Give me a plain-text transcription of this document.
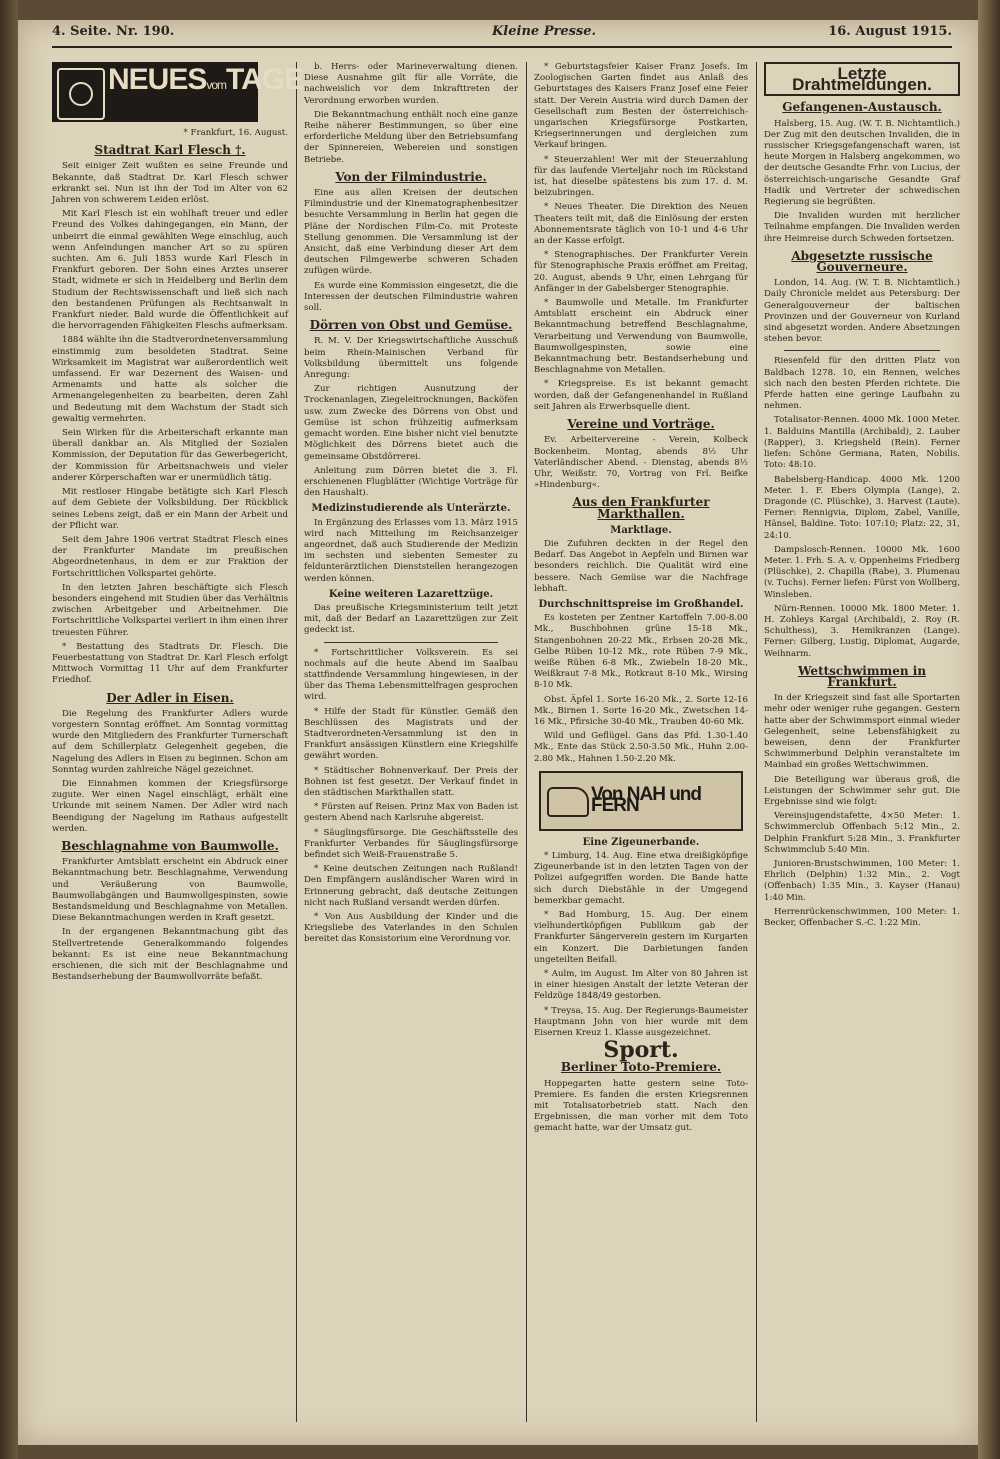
4. Seite. Nr. 190.	Kleine Presse.	16. August 1915.
NEUESvomTAGE

* Frankfurt, 16. August.

Stadtrat Karl Flesch †.

Seit einiger Zeit wußten es seine Freunde und Bekannte, daß Stadtrat Dr. Karl Flesch schwer erkrankt sei. Nun ist ihn der Tod im Alter von 62 Jahren von schwerem Leiden erlöst.

Mit Karl Flesch ist ein wohlhaft treuer und edler Freund des Volkes dahingegangen, ein Mann, der unbeirrt die einmal gewählten Wege einschlug, auch wenn Anfeindungen mancher Art so zu spüren suchten. Am 6. Juli 1853 wurde Karl Flesch in Frankfurt geboren. Der Sohn eines Arztes unserer Stadt, widmete er sich in Heidelberg und Berlin dem Studium der Rechtswissenschaft und ließ sich nach den bestandenen Prüfungen als Rechtsanwalt in Frankfurt nieder. Bald wurde die Öffentlichkeit auf die hervorragenden Fähigkeiten Fleschs aufmerksam.

1884 wählte ihn die Stadtverordnetenversammlung einstimmig zum besoldeten Stadtrat. Seine Wirksamkeit im Magistrat war außerordentlich weit umfassend. Er war Dezernent des Waisen- und Armenamts und hatte als solcher die Armenangelegenheiten zu bearbeiten, deren Zahl und Bedeutung mit dem Wachstum der Stadt sich gewaltig vermehrten.

Sein Wirken für die Arbeiterschaft erkannte man überall dankbar an. Als Mitglied der Sozialen Kommission, der Deputation für das Gewerbegericht, der Kommission für Arbeitsnachweis und vieler anderer Körperschaften war er unermüdlich tätig.

Mit restloser Hingabe betätigte sich Karl Flesch auf dem Gebiete der Volksbildung. Der Rückblick seines Lebens zeigt, daß er ein Mann der Arbeit und der Pflicht war.

Seit dem Jahre 1906 vertrat Stadtrat Flesch eines der Frankfurter Mandate im preußischen Abgeordnetenhaus, in dem er zur Fraktion der Fortschrittlichen Volkspartei gehörte.

In den letzten Jahren beschäftigte sich Flesch besonders eingehend mit Studien über das Verhältnis zwischen Arbeitgeber und Arbeitnehmer. Die Fortschrittliche Volkspartei verliert in ihm einen ihrer treuesten Führer.

* Bestattung des Stadtrats Dr. Flesch. Die Feuerbestattung von Stadtrat Dr. Karl Flesch erfolgt Mittwoch Vormittag 11 Uhr auf dem Frankfurter Friedhof.

Der Adler in Eisen.

Die Regelung des Frankfurter Adlers wurde vorgestern Sonntag eröffnet. Am Sonntag vormittag wurde den Mitgliedern des Frankfurter Turnerschaft auf dem Schillerplatz Gelegenheit gegeben, die Nagelung des Adlers in Eisen zu beginnen. Schon am Sonntag wurden zahlreiche Nägel gezeichnet.

Die Einnahmen kommen der Kriegsfürsorge zugute. Wer einen Nagel einschlägt, erhält eine Urkunde mit seinem Namen. Der Adler wird nach Beendigung der Nagelung im Rathaus aufgestellt werden.

Beschlagnahme von Baumwolle.

Frankfurter Amtsblatt erscheint ein Abdruck einer Bekanntmachung betr. Beschlagnahme, Verwendung und Veräußerung von Baumwolle, Baumwollabgängen und Baumwollgespinsten, sowie Bestandsmeldung und Beschlagnahme von Metallen. Diese Bekanntmachungen werden in Kraft gesetzt.

In der ergangenen Bekanntmachung gibt das Stellvertretende Generalkommando folgendes bekannt: Es ist eine neue Bekanntmachung erschienen, die sich mit der Beschlagnahme und Bestandserhebung der Baumwollvorräte befaßt.

b. Herrs- oder Marineverwaltung dienen. Diese Ausnahme gilt für alle Vorräte, die nachweislich vor dem Inkrafttreten der Verordnung erworben wurden.

Die Bekanntmachung enthält noch eine ganze Reihe näherer Bestimmungen, so über eine erforderliche Meldung über den Betriebsumfang der Spinnereien, Webereien und sonstigen Betriebe.

Von der Filmindustrie.

Eine aus allen Kreisen der deutschen Filmindustrie und der Kinematographenbesitzer besuchte Versammlung in Berlin hat gegen die Pläne der Nordischen Film-Co. mit Proteste Stellung genommen. Die Versammlung ist der Ansicht, daß eine Verbindung dieser Art dem deutschen Filmgewerbe schweren Schaden zufügen würde.

Es wurde eine Kommission eingesetzt, die die Interessen der deutschen Filmindustrie wahren soll.

Dörren von Obst und Gemüse.

R. M. V. Der Kriegswirtschaftliche Ausschuß beim Rhein-Mainischen Verband für Volksbildung übermittelt uns folgende Anregung:

Zur richtigen Ausnutzung der Trockenanlagen, Ziegeleitrocknungen, Backöfen usw. zum Zwecke des Dörrens von Obst und Gemüse ist schon frühzeitig aufmerksam gemacht worden. Eine bisher nicht viel benutzte Möglichkeit des Dörrens bietet auch die gemeinsame Obstdörrerei.

Anleitung zum Dörren bietet die 3. Fl. erschienenen Flugblätter (Wichtige Vorträge für den Haushalt).

Medizinstudierende als Unterärzte.

In Ergänzung des Erlasses vom 13. März 1915 wird nach Mitteilung im Reichsanzeiger angeordnet, daß auch Studierende der Medizin im sechsten und siebenten Semester zu feldunterärztlichen Dienststellen herangezogen werden können.

Keine weiteren Lazarettzüge.

Das preußische Kriegsministerium teilt jetzt mit, daß der Bedarf an Lazarettzügen zur Zeit gedeckt ist.

* Fortschrittlicher Volksverein. Es sei nochmals auf die heute Abend im Saalbau stattfindende Versammlung hingewiesen, in der über das Thema Lebensmittelfragen gesprochen wird.

* Hilfe der Stadt für Künstler. Gemäß den Beschlüssen des Magistrats und der Stadtverordneten-Versammlung ist den in Frankfurt ansässigen Künstlern eine Kriegshilfe gewährt worden.

* Städtischer Bohnenverkauf. Der Preis der Bohnen ist fest gesetzt. Der Verkauf findet in den städtischen Markthallen statt.

* Fürsten auf Reisen. Prinz Max von Baden ist gestern Abend nach Karlsruhe abgereist.

* Säuglingsfürsorge. Die Geschäftsstelle des Frankfurter Verbandes für Säuglingsfürsorge befindet sich Weiß-Frauenstraße 5.

* Keine deutschen Zeitungen nach Rußland! Den Empfängern ausländischer Waren wird in Erinnerung gebracht, daß deutsche Zeitungen nicht nach Rußland versandt werden dürfen.

* Von Aus Ausbildung der Kinder und die Kriegsliebe des Vaterlandes in den Schulen bereitet das Konsistorium eine Verordnung vor.

* Geburtstagsfeier Kaiser Franz Josefs. Im Zoologischen Garten findet aus Anlaß des Geburtstages des Kaisers Franz Josef eine Feier statt. Der Verein Austria wird durch Damen der Gesellschaft zum Besten der österreichisch-ungarischen Kriegsfürsorge Postkarten, Kriegserinnerungen und dergleichen zum Verkauf bringen.

* Steuerzahlen! Wer mit der Steuerzahlung für das laufende Vierteljahr noch im Rückstand ist, hat dieselbe spätestens bis zum 17. d. M. beizubringen.

* Neues Theater. Die Direktion des Neuen Theaters teilt mit, daß die Einlösung der ersten Abonnementsrate täglich von 10-1 und 4-6 Uhr an der Kasse erfolgt.

* Stenographisches. Der Frankfurter Verein für Stenographische Praxis eröffnet am Freitag, 20. August, abends 9 Uhr, einen Lehrgang für Anfänger in der Gabelsberger Stenographie.

* Baumwolle und Metalle. Im Frankfurter Amtsblatt erscheint ein Abdruck einer Bekanntmachung betreffend Beschlagnahme, Verarbeitung und Verwendung von Baumwolle, Baumwollgespinsten, sowie eine Bekanntmachung betr. Bestandserhebung und Beschlagnahme von Metallen.

* Kriegspreise. Es ist bekannt gemacht worden, daß der Gefangenenhandel in Rußland seit Jahren als Erwerbsquelle dient.

Vereine und Vorträge.

Ev. Arbeitervereine - Verein, Kolbeck Bockenheim. Montag, abends 8½ Uhr Vaterländischer Abend. - Dienstag, abends 8½ Uhr, Weißstr. 70, Vortrag von Frl. Beifke »Hindenburg«.

Aus den Frankfurter Markthallen.
Marktlage.

Die Zufuhren deckten in der Regel den Bedarf. Das Angebot in Aepfeln und Birnen war besonders reichlich. Die Qualität wird eine bessere. Nach Gemüse war die Nachfrage lebhaft.

Durchschnittspreise im Großhandel.

Es kosteten per Zentner Kartoffeln 7.00-8.00 Mk., Buschbohnen grüne 15-18 Mk., Stangenbohnen 20-22 Mk., Erbsen 20-28 Mk., Gelbe Rüben 10-12 Mk., rote Rüben 7-9 Mk., weiße Rüben 6-8 Mk., Zwiebeln 18-20 Mk., Weißkraut 7-8 Mk., Rotkraut 8-10 Mk., Wirsing 8-10 Mk.

Obst. Äpfel 1. Sorte 16-20 Mk., 2. Sorte 12-16 Mk., Birnen 1. Sorte 16-20 Mk., Zwetschen 14-16 Mk., Pfirsiche 30-40 Mk., Trauben 40-60 Mk.

Wild und Geflügel. Gans das Pfd. 1.30-1.40 Mk., Ente das Stück 2.50-3.50 Mk., Huhn 2.00-2.80 Mk., Hahnen 1.50-2.20 Mk.

Von NAH und FERN
Eine Zigeunerbande.

* Limburg, 14. Aug. Eine etwa dreißigköpfige Zigeunerbande ist in den letzten Tagen von der Polizei aufgegriffen worden. Die Bande hatte sich durch Diebstähle in der Umgegend bemerkbar gemacht.

* Bad Homburg, 15. Aug. Der einem vielhundertköpfigen Publikum gab der Frankfurter Sängerverein gestern im Kurgarten ein Konzert. Die Darbietungen fanden ungeteilten Beifall.

* Aulm, im August. Im Alter von 80 Jahren ist in einer hiesigen Anstalt der letzte Veteran der Feldzüge 1848/49 gestorben.

* Treysa, 15. Aug. Der Regierungs-Baumeister Hauptmann John von hier wurde mit dem Eisernen Kreuz 1. Klasse ausgezeichnet.

Sport.
Berliner Toto-Premiere.

Hoppegarten hatte gestern seine Toto-Premiere. Es fanden die ersten Kriegsrennen mit Totalisatorbetrieb statt. Nach den Ergebnissen, die man vorher mit dem Toto gemacht hatte, war der Umsatz gut.

Letzte Drahtmeldungen.
Gefangenen-Austausch.

Halsberg, 15. Aug. (W. T. B. Nichtamtlich.) Der Zug mit den deutschen Invaliden, die in russischer Kriegsgefangenschaft waren, ist heute Morgen in Halsberg angekommen, wo der deutsche Gesandte Frhr. von Lucius, der österreichisch-ungarische Gesandte Graf Hadik und Vertreter der schwedischen Regierung sie begrüßten.

Die Invaliden wurden mit herzlicher Teilnahme empfangen. Die Invaliden werden ihre Heimreise durch Schweden fortsetzen.

Abgesetzte russische Gouverneure.

London, 14. Aug. (W. T. B. Nichtamtlich.) Daily Chronicle meldet aus Petersburg: Der Generalgouverneur der baltischen Provinzen und der Gouverneur von Kurland sind abgesetzt worden. Andere Absetzungen stehen bevor.

Riesenfeld für den dritten Platz von Baldbach 1278. 10, ein Rennen, welches sich nach den besten Pferden richtete. Die Pferde hatten eine geringe Laufbahn zu nehmen.

Totalisator-Rennen. 4000 Mk. 1000 Meter. 1. Balduins Mantilla (Archibald), 2. Lauber (Rapper), 3. Kriegsheld (Rein). Ferner liefen: Schöne Germana, Raten, Nobilis. Toto: 48:10.

Babelsberg-Handicap. 4000 Mk. 1200 Meter. 1. F. Ebers Olympia (Lange), 2. Dragonde (C. Plüschke), 3. Harvest (Laute). Ferner: Rennigvia, Diplom, Zabel, Vanille, Hänsel, Baldine. Toto: 107:10; Platz: 22, 31, 24:10.

Dampslosch-Rennen. 10000 Mk. 1600 Meter. 1. Frh. S. A. v. Oppenheims Friedberg (Plüschke), 2. Chapilla (Rabe), 3. Plumenau (v. Tuchs). Ferner liefen: Fürst von Wollberg, Winsleben.

Nürn-Rennen. 10000 Mk. 1800 Meter. 1. H. Zohleys Kargal (Archibald), 2. Roy (R. Schulthess), 3. Hemikranzen (Lange). Ferner: Gilberg, Lustig, Diplomat, Augarde, Weihnarm.

Wettschwimmen in Frankfurt.

In der Kriegszeit sind fast alle Sportarten mehr oder weniger ruhe gegangen. Gestern hatte aber der Schwimmsport einmal wieder Gelegenheit, seine Lebensfähigkeit zu beweisen, denn der Frankfurter Schwimmerbund Delphin veranstaltete im Mainbad ein großes Wettschwimmen.

Die Beteiligung war überaus groß, die Leistungen der Schwimmer sehr gut. Die Ergebnisse sind wie folgt:

Vereinsjugendstafette, 4×50 Meter: 1. Schwimmerclub Offenbach 5:12 Min., 2. Delphin Frankfurt 5:28 Min., 3. Frankfurter Schwimmclub 5:40 Min.

Junioren-Brustschwimmen, 100 Meter: 1. Ehrlich (Delphin) 1:32 Min., 2. Vogt (Offenbach) 1:35 Min., 3. Kayser (Hanau) 1:40 Min.

Herrenrückenschwimmen, 100 Meter: 1. Becker, Offenbacher S.-C. 1:22 Min.
